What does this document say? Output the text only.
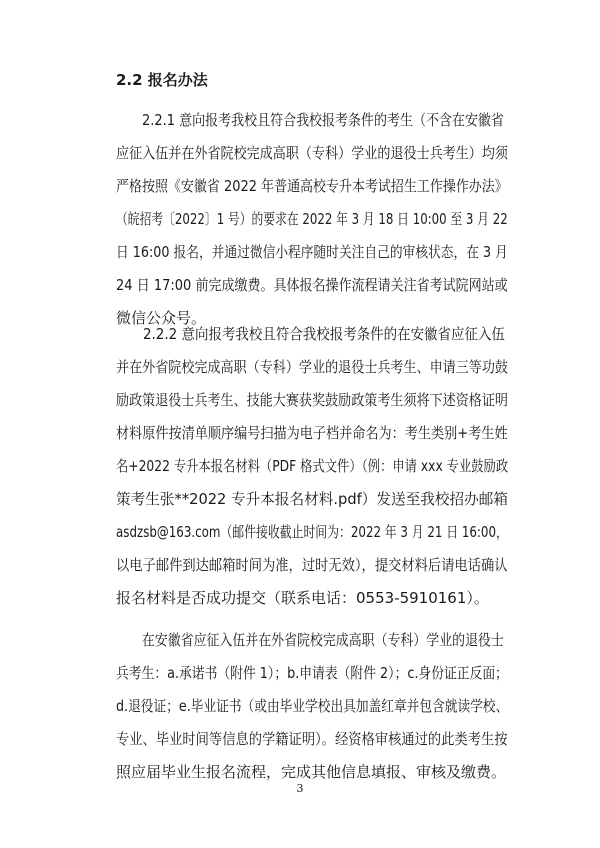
2.2 报名办法
2.2.1 意向报考我校且符合我校报考条件的考生（不含在安徽省
应征入伍并在外省院校完成高职（专科）学业的退役士兵考生）均须
严格按照《安徽省 2022 年普通高校专升本考试招生工作操作办法》
（皖招考〔2022〕1 号）的要求在 2022 年 3 月 18 日 10:00 至 3 月 22
日 16:00 报名，并通过微信小程序随时关注自己的审核状态，在 3 月
24 日 17:00 前完成缴费。具体报名操作流程请关注省考试院网站或
微信公众号。
2.2.2 意向报考我校且符合我校报考条件的在安徽省应征入伍
并在外省院校完成高职（专科）学业的退役士兵考生、申请三等功鼓
励政策退役士兵考生、技能大赛获奖鼓励政策考生须将下述资格证明
材料原件按清单顺序编号扫描为电子档并命名为：考生类别+考生姓
名+2022 专升本报名材料（PDF 格式文件）（例：申请 xxx 专业鼓励政
策考生张**2022 专升本报名材料.pdf）发送至我校招办邮箱
asdzsb@163.com（邮件接收截止时间为：2022 年 3 月 21 日 16:00，
以电子邮件到达邮箱时间为准，过时无效），提交材料后请电话确认
报名材料是否成功提交（联系电话：0553-5910161）。
在安徽省应征入伍并在外省院校完成高职（专科）学业的退役士
兵考生：a.承诺书（附件 1）；b.申请表（附件 2）；c.身份证正反面；
d.退役证；e.毕业证书（或由毕业学校出具加盖红章并包含就读学校、
专业、毕业时间等信息的学籍证明）。经资格审核通过的此类考生按
照应届毕业生报名流程，完成其他信息填报、审核及缴费。
3
